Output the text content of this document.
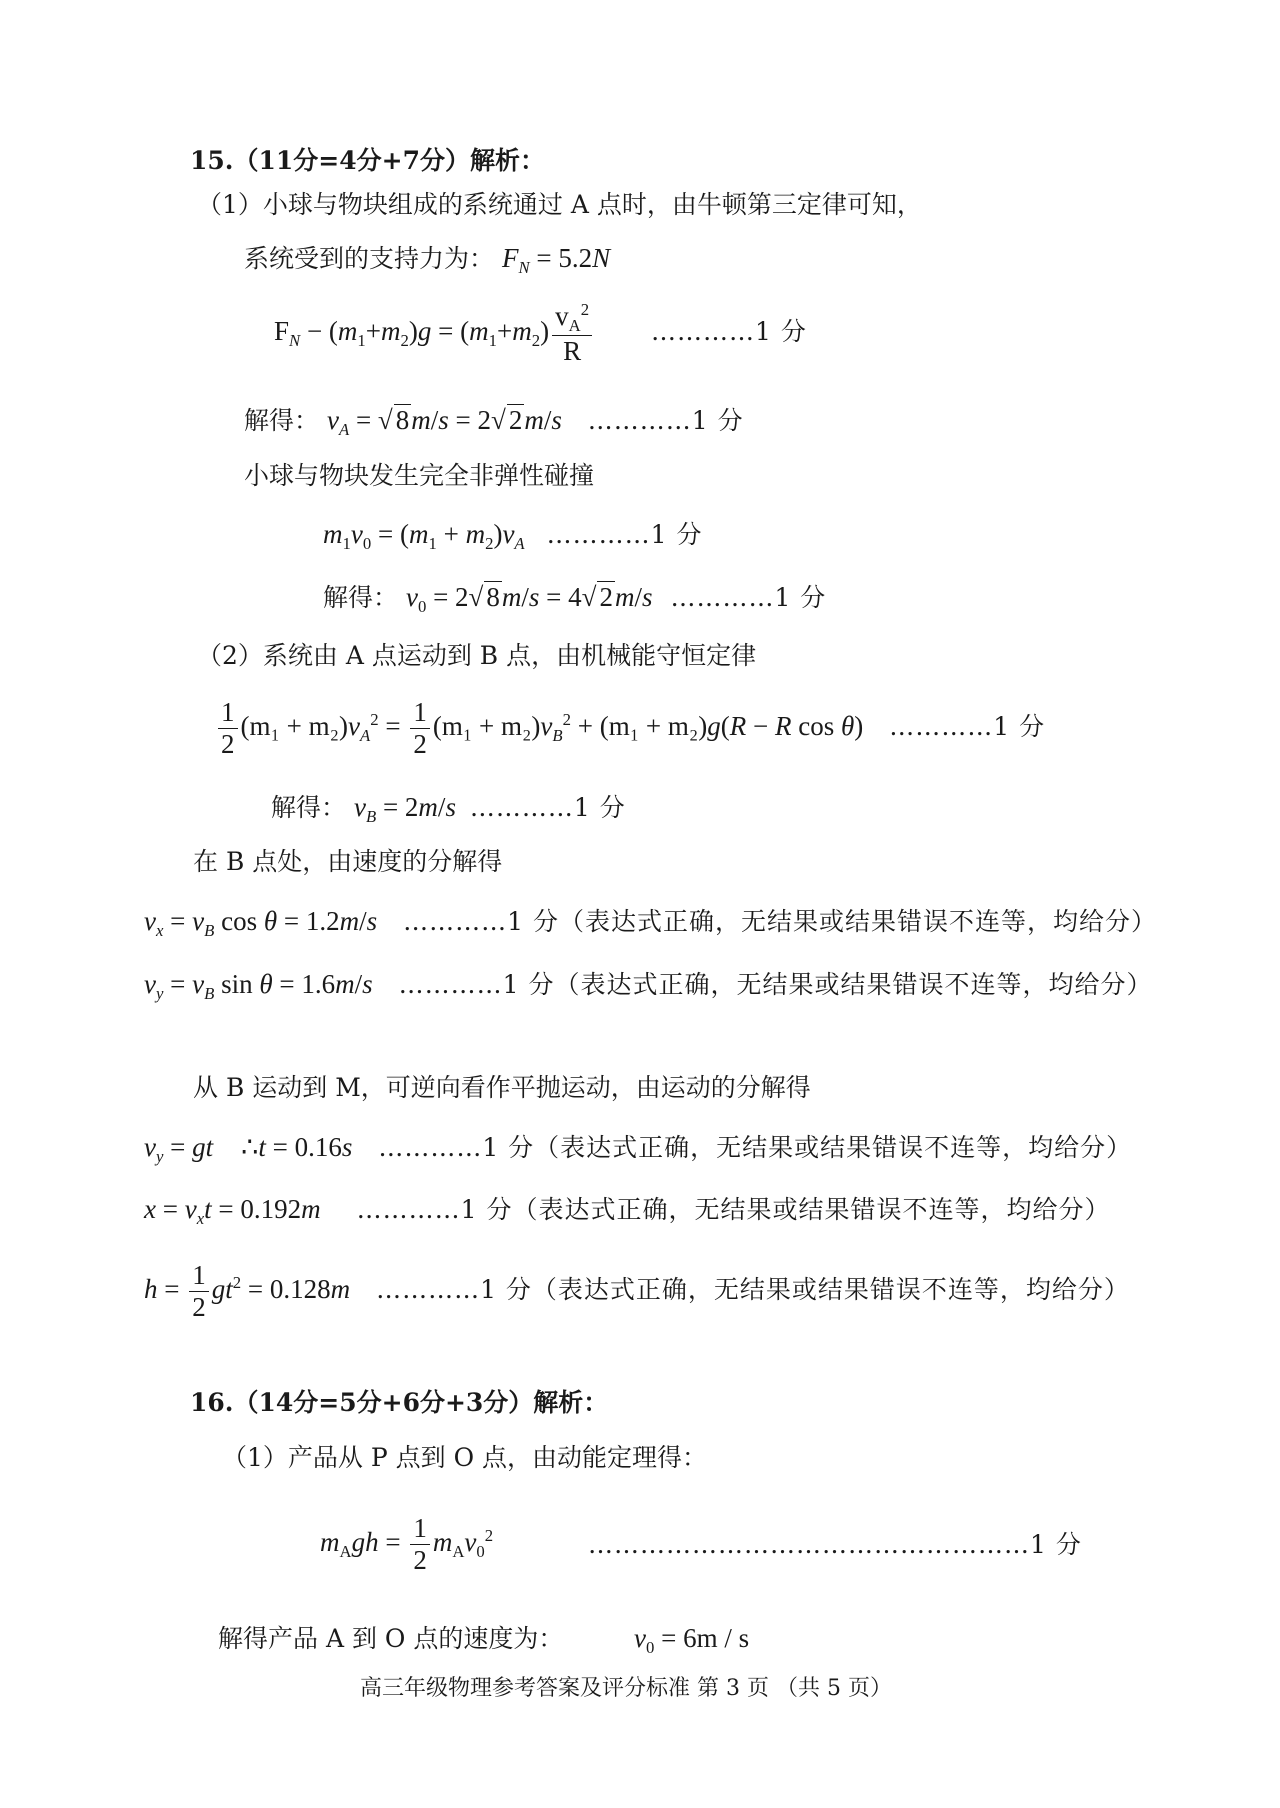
15.（11分=4分+7分）解析：
（1）小球与物块组成的系统通过 A 点时，由牛顿第三定律可知，
系统受到的支持力为： $F_N = 5.2N$
$F_N - (m_1+m_2)g = (m_1+m_2) \frac{v_A^2}{R}$ …………1 分
解得： $v_A$ = √ 8m/s = 2√ 2m/s …………1 分
小球与物块发生完全非弹性碰撞
$m_1v_0 = (m_1 + m_2)v_A$ …………1 分
解得： $v_0 = 2√$ 8m/s = 4√ 2m/s …………1 分
（2）系统由 A 点运动到 B 点，由机械能守恒定律
$\frac{1}{2} (m_1 + m_2)v_A^2 = \frac{1}{2} (m_1 + m_2)v_B^2 + (m_1 + m_2)g(R - R$ cos θ) …………1 分
解得： $v_B = 2m/s$ …………1 分
在 B 点处，由速度的分解得
$v_x = v_B$ cos θ = 1.2m/s …………1 分（表达式正确，无结果或结果错误不连等，均给分）
$v_y = v_B$ sin θ = 1.6m/s …………1 分（表达式正确，无结果或结果错误不连等，均给分）
从 B 运动到 M，可逆向看作平抛运动，由运动的分解得
$v_y$ = gt ∴t = 0.16s …………1 分（表达式正确，无结果或结果错误不连等，均给分）
$x = v_xt = 0.192m$ …………1 分（表达式正确，无结果或结果错误不连等，均给分）
$h = \frac{1}{2} gt^2 = 0.128m$ …………1 分（表达式正确，无结果或结果错误不连等，均给分）
16.（14分=5分+6分+3分）解析：
（1）产品从 P 点到 O 点，由动能定理得：
$m_Agh = \frac{1}{2} m_Av_0^2$	……………………………………………1 分
解得产品 A 到 O 点的速度为：	$v_0 = 6m / s$
高三年级物理参考答案及评分标准 第 3 页 （共 5 页）
